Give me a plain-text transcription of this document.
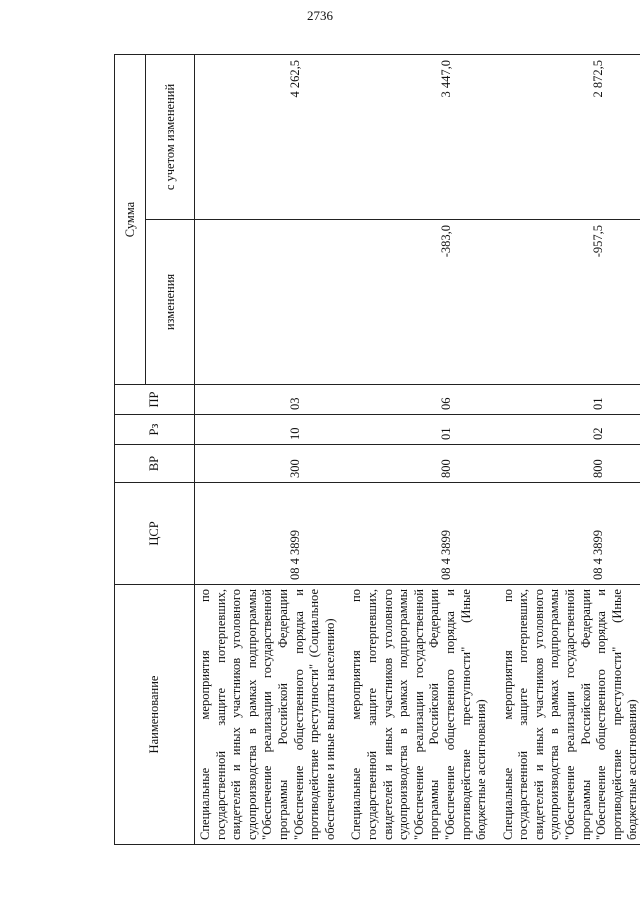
2736
Наименование	ЦСР	ВР	Рз	ПР	Сумма	
					изменения	с учетом изменений
Специальные мероприятия по государственной защите потерпевших, свидетелей и иных участников уголовного судопроизводства в рамках подпрограммы "Обеспечение реализации государственной программы Российской Федерации "Обеспечение общественного порядка и противодействие преступности" (Социальное обеспечение и иные выплаты населению)	08 4 3899	300	10	03		4 262,5

Специальные мероприятия по государственной защите потерпевших, свидетелей и иных участников уголовного судопроизводства в рамках подпрограммы "Обеспечение реализации государственной программы Российской Федерации "Обеспечение общественного порядка и противодействие преступности" (Иные бюджетные ассигнования)	08 4 3899	800	01	06	-383,0	3 447,0

Специальные мероприятия по государственной защите потерпевших, свидетелей и иных участников уголовного судопроизводства в рамках подпрограммы "Обеспечение реализации государственной программы Российской Федерации "Обеспечение общественного порядка и противодействие преступности" (Иные бюджетные ассигнования)	08 4 3899	800	02	01	-957,5	2 872,5
